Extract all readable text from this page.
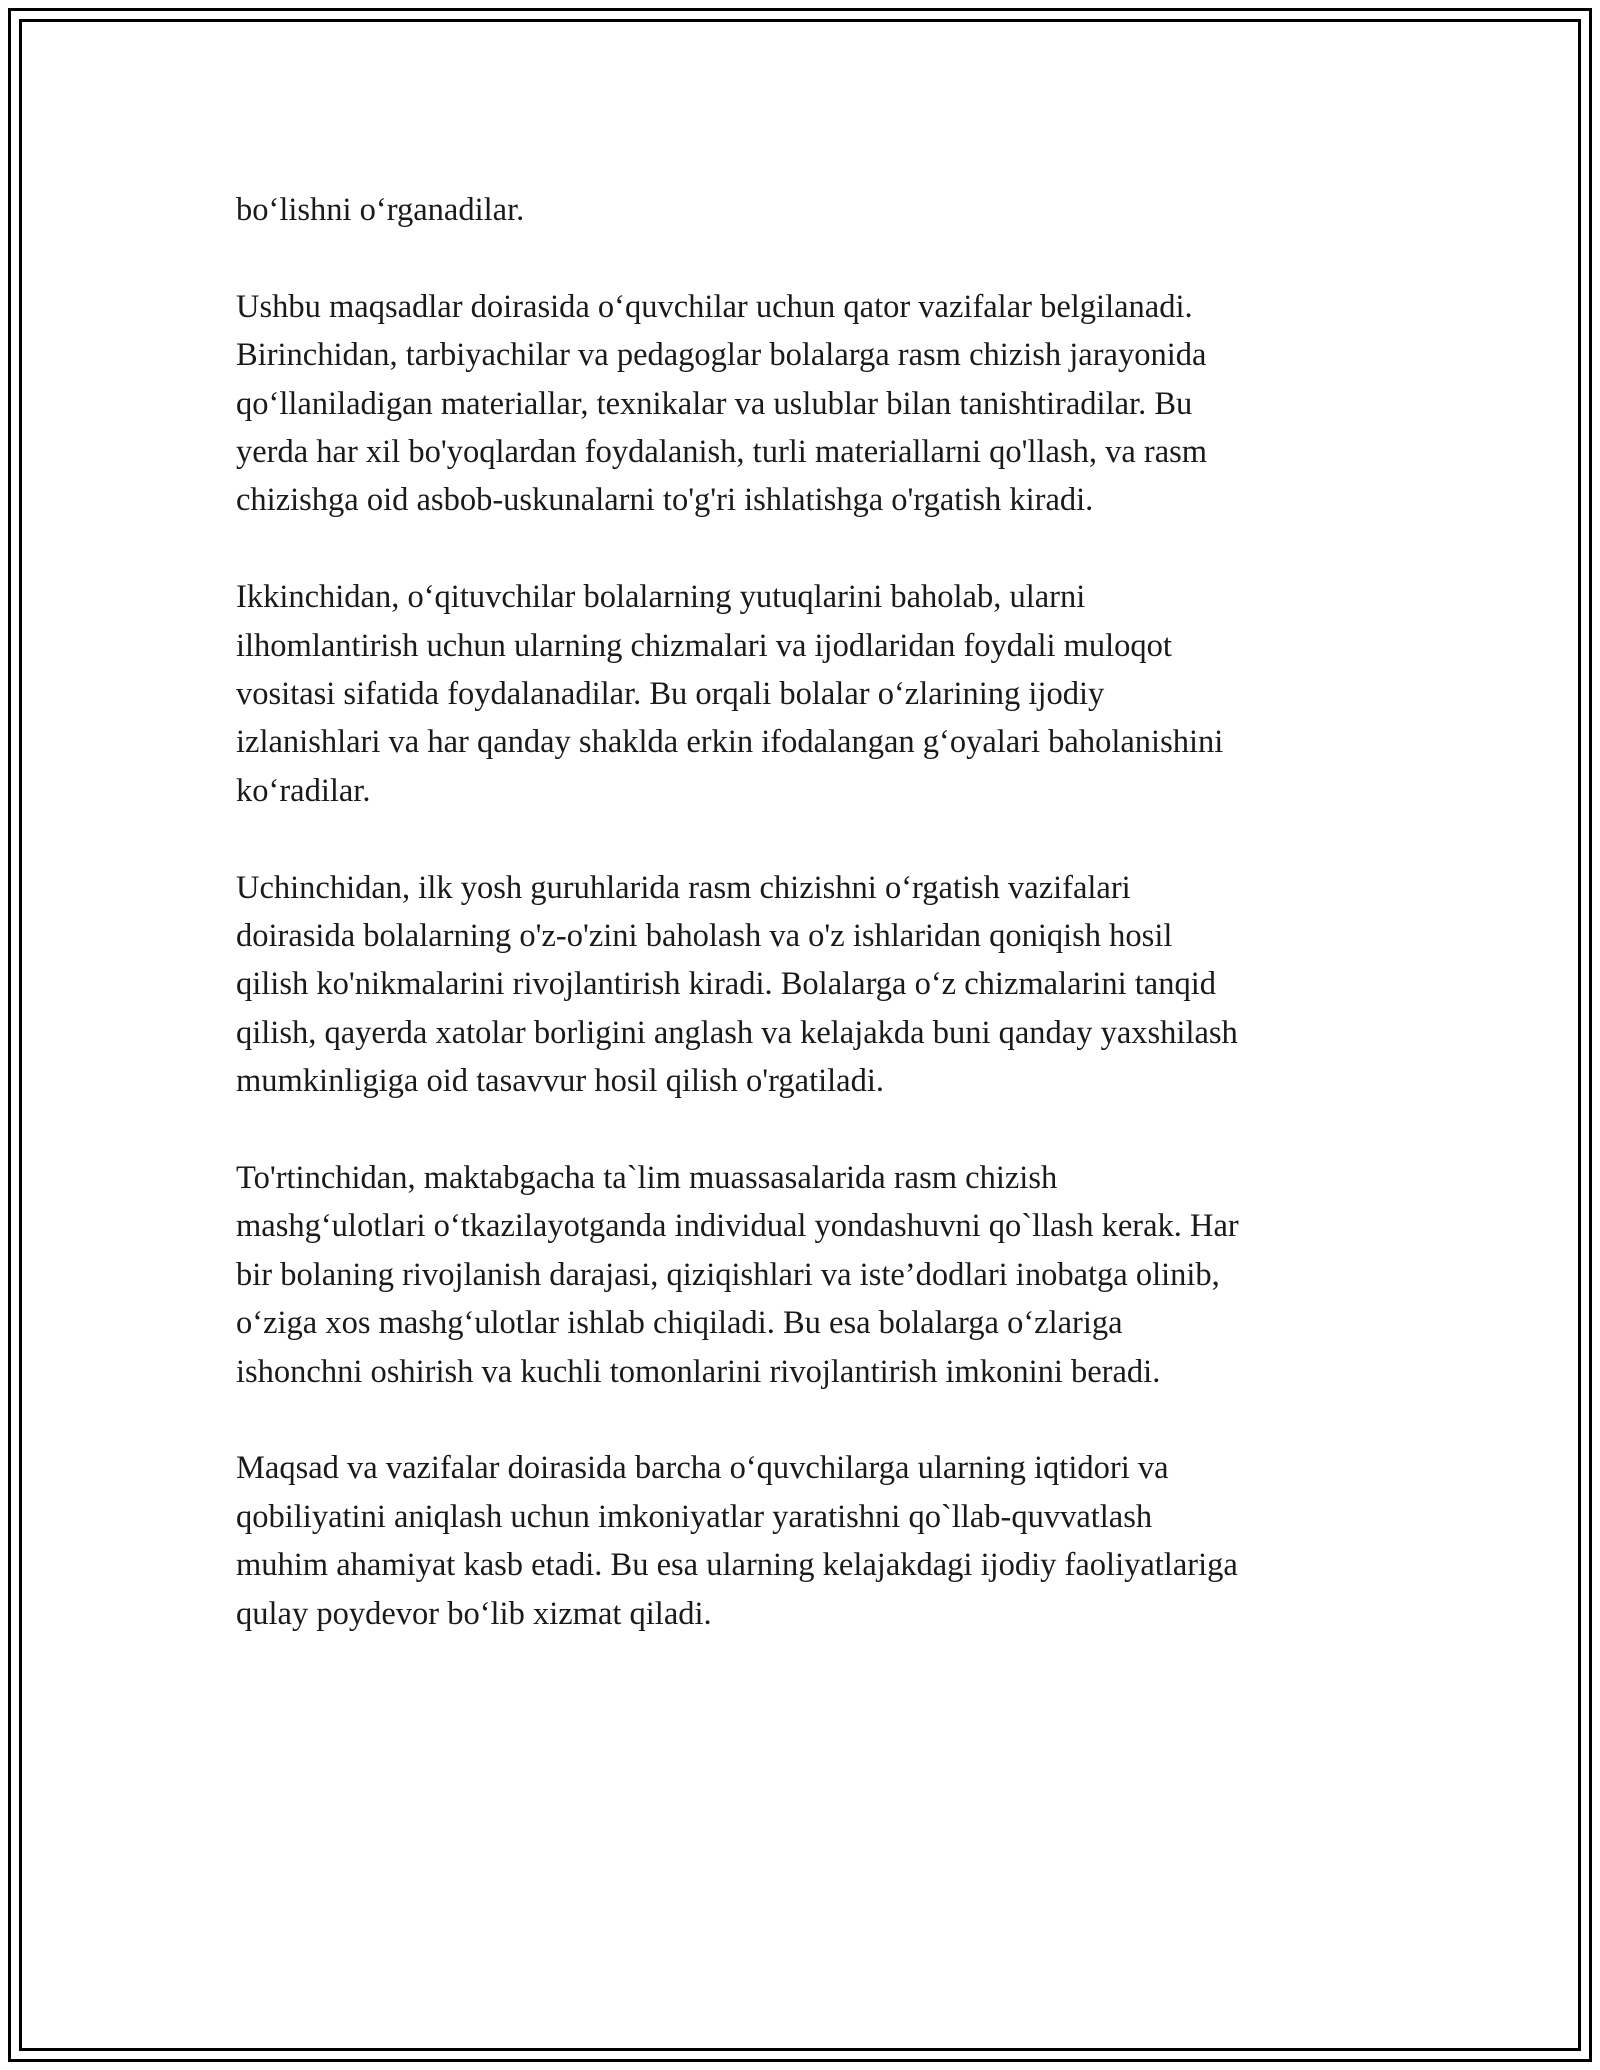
bo‘lishni o‘rganadilar.

Ushbu maqsadlar doirasida o‘quvchilar uchun qator vazifalar belgilanadi.
Birinchidan, tarbiyachilar va pedagoglar bolalarga rasm chizish jarayonida
qo‘llaniladigan materiallar, texnikalar va uslublar bilan tanishtiradilar. Bu
yerda har xil bo'yoqlardan foydalanish, turli materiallarni qo'llash, va rasm
chizishga oid asbob-uskunalarni to'g'ri ishlatishga o'rgatish kiradi.

Ikkinchidan, o‘qituvchilar bolalarning yutuqlarini baholab, ularni
ilhomlantirish uchun ularning chizmalari va ijodlaridan foydali muloqot
vositasi sifatida foydalanadilar. Bu orqali bolalar o‘zlarining ijodiy
izlanishlari va har qanday shaklda erkin ifodalangan g‘oyalari baholanishini
ko‘radilar.

Uchinchidan, ilk yosh guruhlarida rasm chizishni o‘rgatish vazifalari
doirasida bolalarning o'z-o'zini baholash va o'z ishlaridan qoniqish hosil
qilish ko'nikmalarini rivojlantirish kiradi. Bolalarga o‘z chizmalarini tanqid
qilish, qayerda xatolar borligini anglash va kelajakda buni qanday yaxshilash
mumkinligiga oid tasavvur hosil qilish o'rgatiladi.

To'rtinchidan, maktabgacha ta`lim muassasalarida rasm chizish
mashg‘ulotlari o‘tkazilayotganda individual yondashuvni qo`llash kerak. Har
bir bolaning rivojlanish darajasi, qiziqishlari va iste’dodlari inobatga olinib,
o‘ziga xos mashg‘ulotlar ishlab chiqiladi. Bu esa bolalarga o‘zlariga
ishonchni oshirish va kuchli tomonlarini rivojlantirish imkonini beradi.

Maqsad va vazifalar doirasida barcha o‘quvchilarga ularning iqtidori va
qobiliyatini aniqlash uchun imkoniyatlar yaratishni qo`llab-quvvatlash
muhim ahamiyat kasb etadi. Bu esa ularning kelajakdagi ijodiy faoliyatlariga
qulay poydevor bo‘lib xizmat qiladi.
